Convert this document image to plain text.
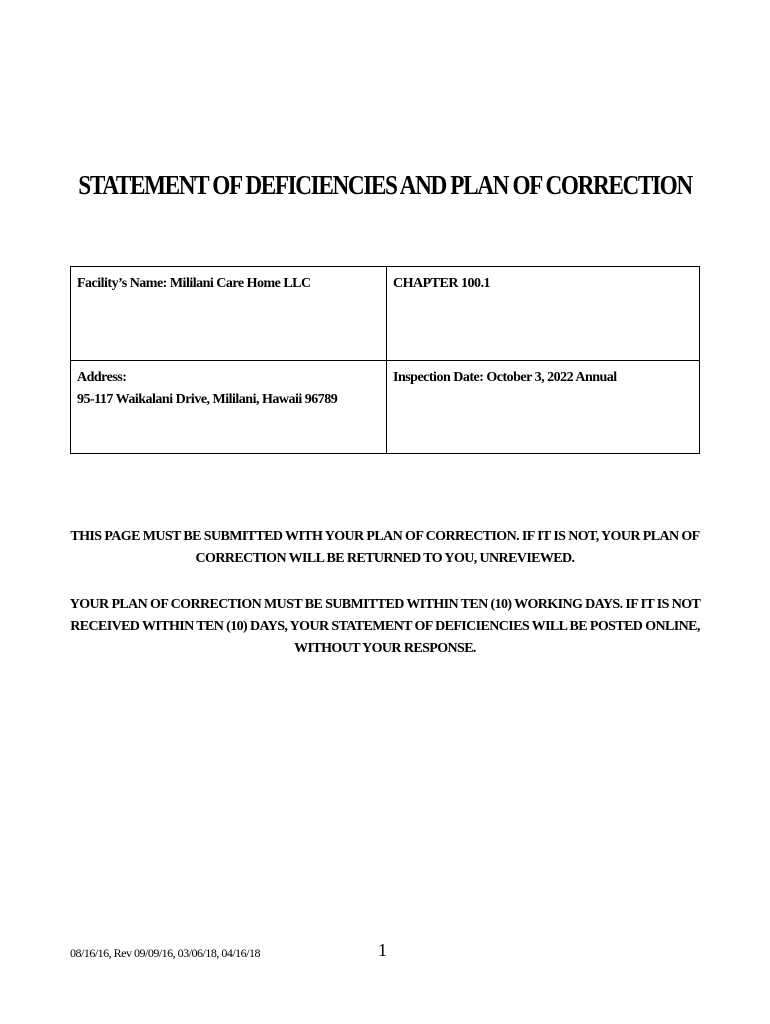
STATEMENT OF DEFICIENCIES AND PLAN OF CORRECTION
Facility’s Name: Mililani Care Home LLC	CHAPTER 100.1

Address:
95-117 Waikalani Drive, Mililani, Hawaii 96789	Inspection Date: October 3, 2022 Annual
THIS PAGE MUST BE SUBMITTED WITH YOUR PLAN OF CORRECTION. IF IT IS NOT, YOUR PLAN OF CORRECTION WILL BE RETURNED TO YOU, UNREVIEWED.
YOUR PLAN OF CORRECTION MUST BE SUBMITTED WITHIN TEN (10) WORKING DAYS. IF IT IS NOT RECEIVED WITHIN TEN (10) DAYS, YOUR STATEMENT OF DEFICIENCIES WILL BE POSTED ONLINE, WITHOUT YOUR RESPONSE.
08/16/16, Rev 09/09/16, 03/06/18, 04/16/18	1
